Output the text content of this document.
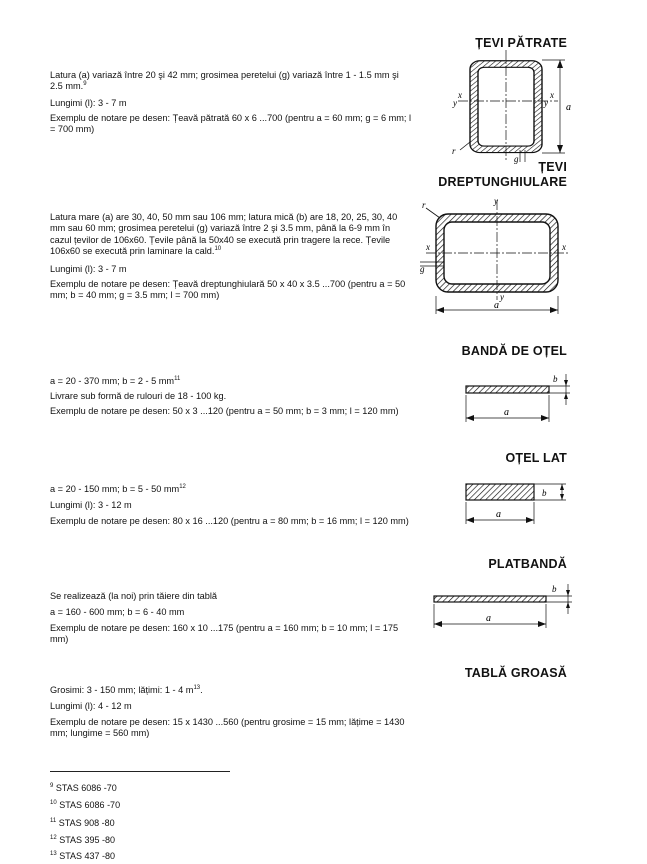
ȚEVI PĂTRATE

Latura (a) variază între 20 şi 42 mm; grosimea peretelui (g) variază între 1 - 1.5 mm şi 2.5 mm.$^9$

Lungimi (l): 3 - 7 m

Exemplu de notare pe desen: Țeavă pătrată 60 x 6 ...700 (pentru a = 60 mm; g = 6 mm; l = 700 mm)

a
x	x
y	y
r
g
ȚEVI
DREPTUNGHIULARE

Latura mare (a) are 30, 40, 50 mm sau 106 mm; latura mică (b) are 18, 20, 25, 30, 40 mm sau 60 mm; grosimea peretelui (g) variază între 2 şi 3.5 mm, până la 6-9 mm în cazul țevilor de 106x60. Țevile până la 50x40 se execută prin tragere la rece. Țevile 106x60 se execută prin laminare la cald.$^{10}$

Lungimi (l): 3 - 7 m

Exemplu de notare pe desen: Țeavă dreptunghiulară 50 x 40 x 3.5 ...700 (pentru a = 50 mm; b = 40 mm; g = 3.5 mm; l = 700 mm)

a
r	y
y
x	x
g
BANDĂ DE OȚEL

a = 20 - 370 mm; b = 2 - 5 $mm^{11}$

Livrare sub formă de rulouri de 18 - 100 kg.

Exemplu de notare pe desen: 50 x 3 ...120 (pentru a = 50 mm; b = 3 mm; l = 120 mm)

b
a
OȚEL LAT

a = 20 - 150 mm; b = 5 - 50 $mm^{12}$

Lungimi (l): 3 - 12 m

Exemplu de notare pe desen: 80 x 16 ...120 (pentru a = 80 mm; b = 16 mm; l = 120 mm)

b
a
PLATBANDĂ

Se realizează (la noi) prin tăiere din tablă

a = 160 - 600 mm; b = 6 - 40 mm

Exemplu de notare pe desen: 160 x 10 ...175 (pentru a = 160 mm; b = 10 mm; l = 175 mm)

b
a
TABLĂ GROASĂ

Grosimi: 3 - 150 mm; lățimi: 1 - 4 $m^{13}$.

Lungimi (l): 4 - 12 m

Exemplu de notare pe desen: 15 x 1430 ...560 (pentru grosime = 15 mm; lățime = 1430 mm; lungime = 560 mm)

$^9$ STAS 6086 -70
$^{10}$ STAS 6086 -70
$^{11}$ STAS 908 -80
$^{12}$ STAS 395 -80
$^{13}$ STAS 437 -80
